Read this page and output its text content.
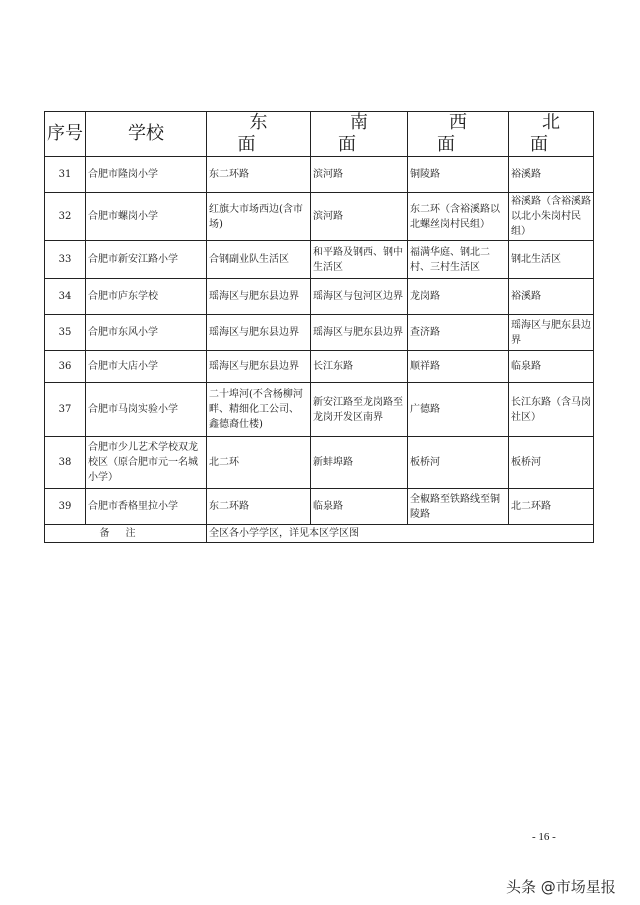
序号	学校	东面	南面	西面	北面
31	合肥市隆岗小学	东二环路	滨河路	铜陵路	裕溪路
32	合肥市螺岗小学	红旗大市场西边(含市场)	滨河路	东二环（含裕溪路以北螺丝岗村民组）	裕溪路（含裕溪路以北小朱岗村民组）
33	合肥市新安江路小学	合钢副业队生活区	和平路及钢西、钢中生活区	福满华庭、钢北二村、三村生活区	钢北生活区
34	合肥市庐东学校	瑶海区与肥东县边界	瑶海区与包河区边界	龙岗路	裕溪路
35	合肥市东风小学	瑶海区与肥东县边界	瑶海区与肥东县边界	查济路	瑶海区与肥东县边界
36	合肥市大店小学	瑶海区与肥东县边界	长江东路	顺祥路	临泉路
37	合肥市马岗实验小学	二十埠河(不含杨柳河畔、精细化工公司、鑫德裔仕楼)	新安江路至龙岗路至龙岗开发区南界	广德路	长江东路（含马岗社区）
38	合肥市少儿艺术学校双龙校区（原合肥市元一名城小学）	北二环	新蚌埠路	板桥河	板桥河
39	合肥市香格里拉小学	东二环路	临泉路	全椒路至铁路线至铜陵路	北二环路
备注		全区各小学学区，详见本区学区图			
- 16 -
头条 @市场星报
